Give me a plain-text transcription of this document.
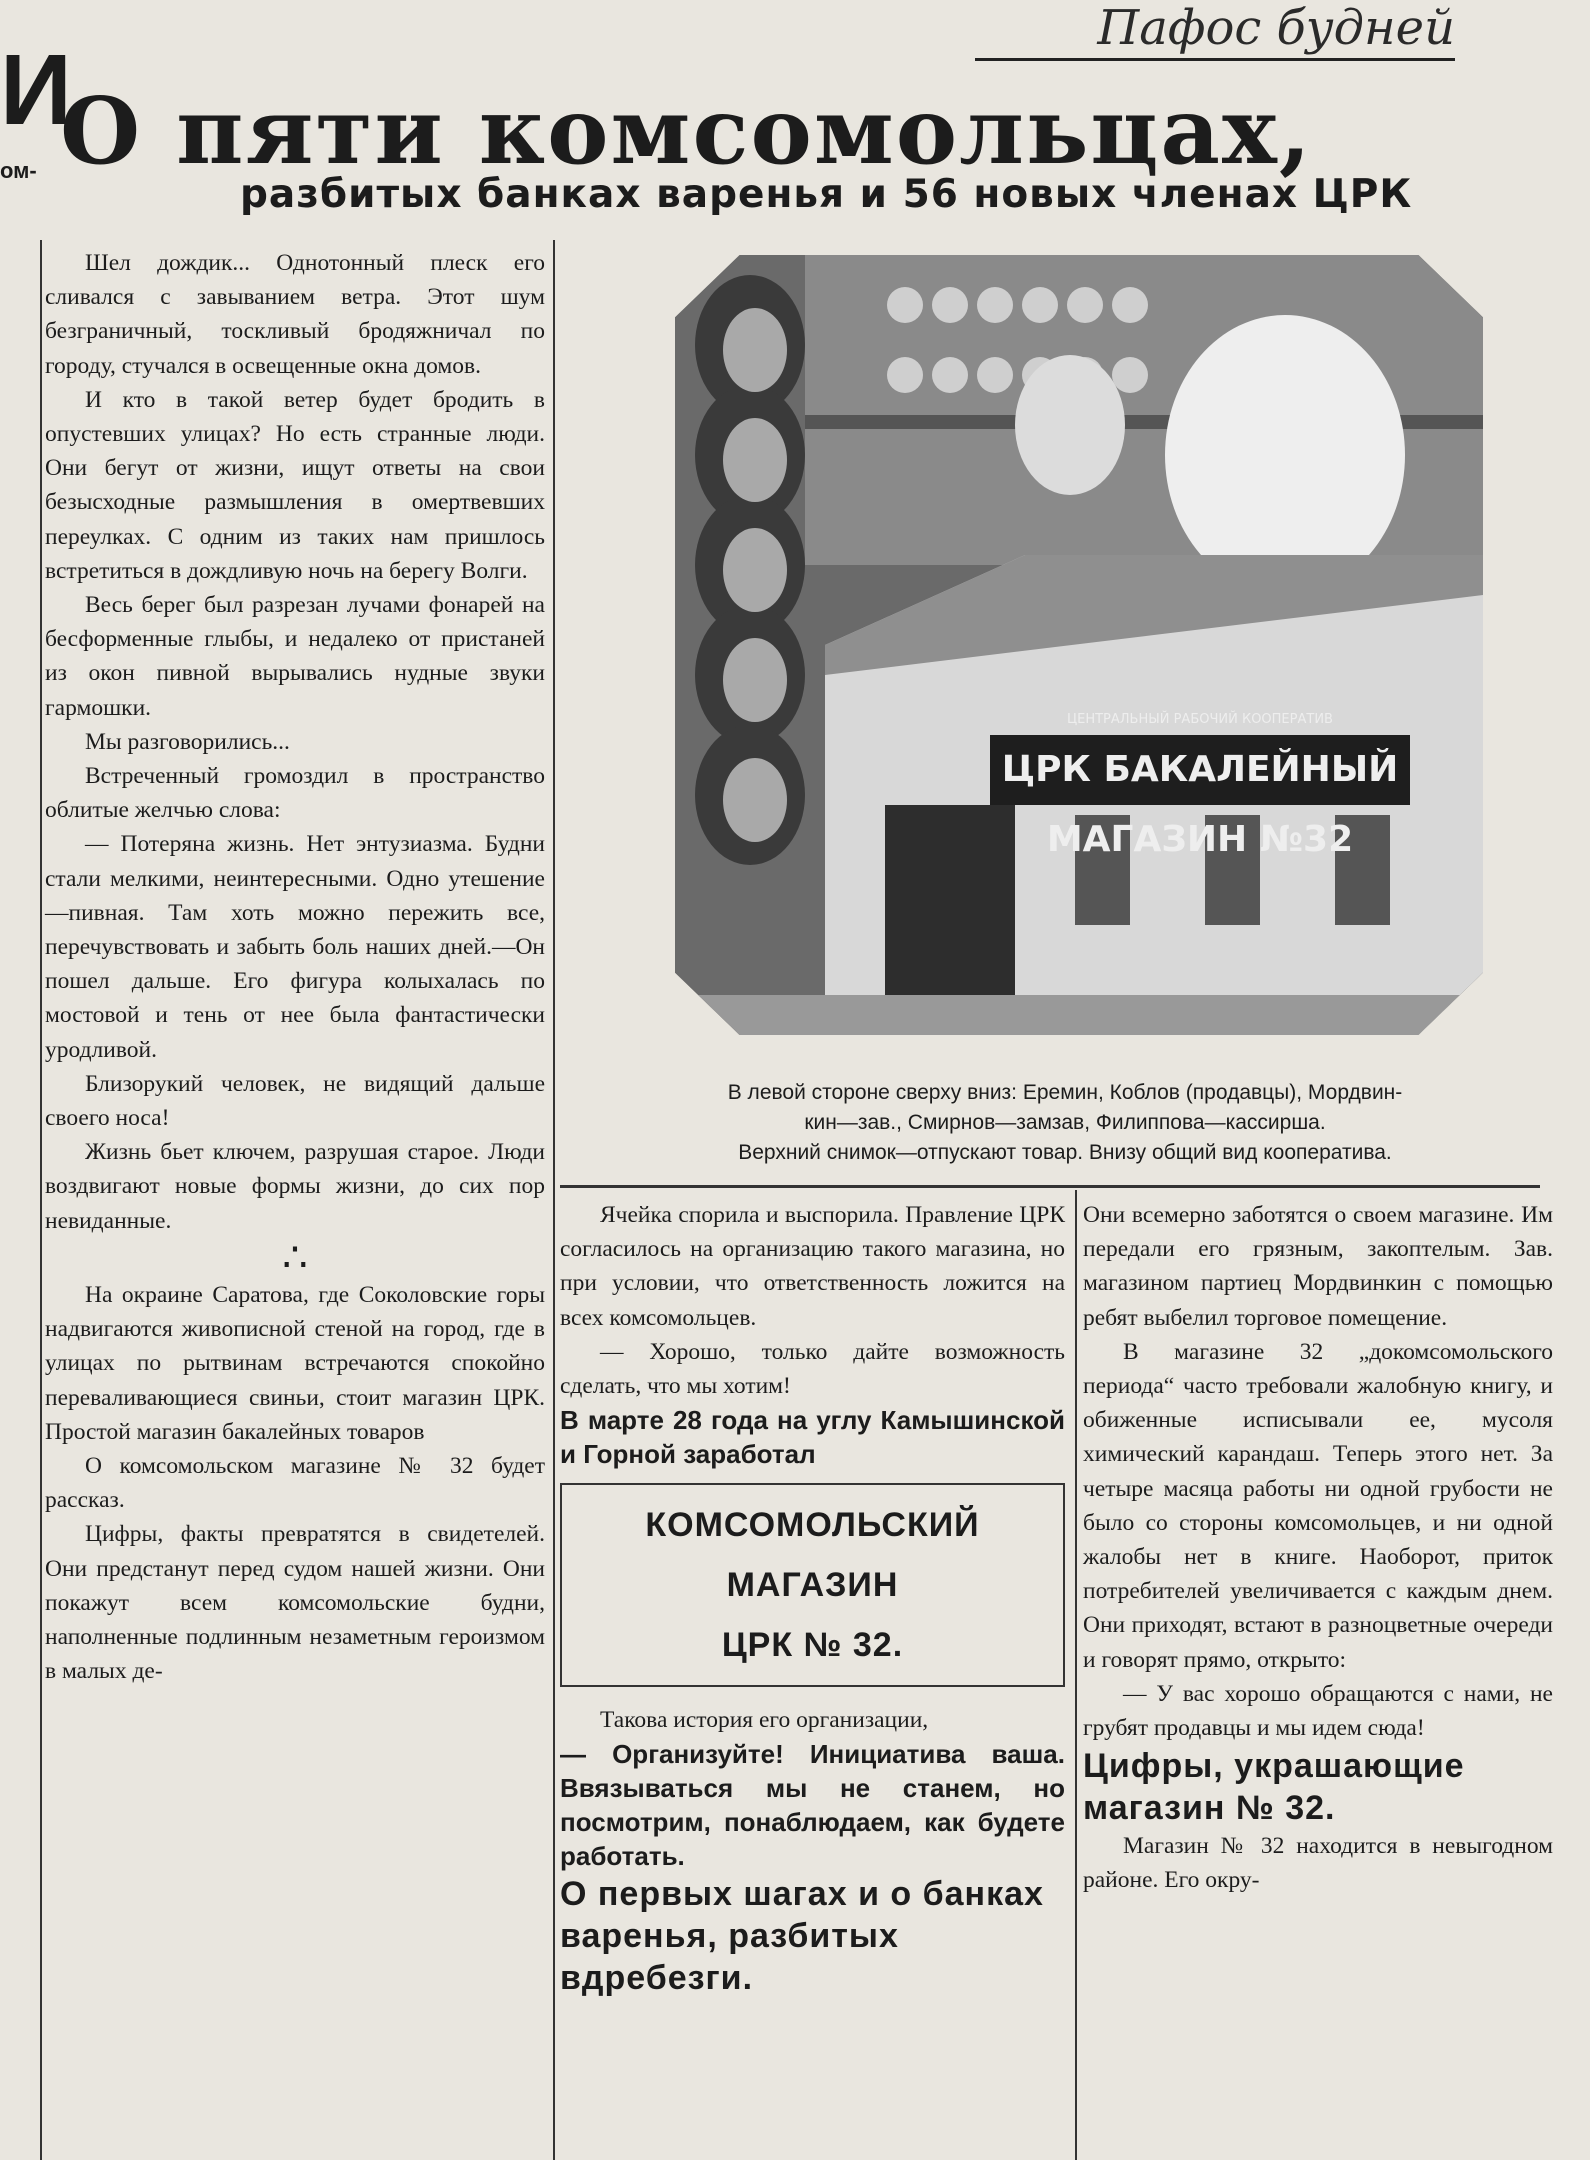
Пафос будней
И
ом- О пяти комсомольцах,
разбитых банках варенья и 56 новых членах ЦРК

Шел дождик... Однотонный плеск его сливался с завыванием ветра. Этот шум безграничный, тоскливый бродяжничал по городу, стучался в освещенные окна домов.

И кто в такой ветер будет бродить в опустевших улицах? Но есть странные люди. Они бегут от жизни, ищут ответы на свои безысходные размышления в омертвевших переулках. С одним из таких нам пришлось встретиться в дождливую ночь на берегу Волги.

Весь берег был разрезан лучами фонарей на бесформенные глыбы, и недалеко от пристаней из окон пивной вырывались нудные звуки гармошки.

Мы разговорились...

Встреченный громоздил в пространство облитые желчью слова:

— Потеряна жизнь. Нет энтузиазма. Будни стали мелкими, неинтересными. Одно утешение—пивная. Там хоть можно пережить все, перечувствовать и забыть боль наших дней.—Он пошел дальше. Его фигура колыхалась по мостовой и тень от нее была фантастически уродливой.

Близорукий человек, не видящий дальше своего носа!

Жизнь бьет ключем, разрушая старое. Люди воздвигают новые формы жизни, до сих пор невиданные.

∴

На окраине Саратова, где Соколовские горы надвигаются живописной стеной на город, где в улицах по рытвинам встречаются спокойно переваливающиеся свиньи, стоит магазин ЦРК. Простой магазин бакалейных товаров

О комсомольском магазине № 32 будет рассказ.

Цифры, факты превратятся в свидетелей. Они предстанут перед судом нашей жизни. Они покажут всем комсомольские будни, наполненные подлинным незаметным героизмом в малых де-

ЦРК БАКАЛЕЙНЫЙ МАГАЗИН №32
ЦЕНТРАЛЬНЫЙ РАБОЧИЙ КООПЕРАТИВ
В левой стороне сверху вниз: Еремин, Коблов (продавцы), Мордвин-
кин—зав., Смирнов—замзав, Филиппова—кассирша.
Верхний снимок—отпускают товар. Внизу общий вид кооператива.

Ячейка спорила и выспорила. Правление ЦРК согласилось на организацию такого магазина, но при условии, что ответственность ложится на всех комсомольцев.

— Хорошо, только дайте возможность сделать, что мы хотим!

В марте 28 года на углу Камышинской и Горной заработал

КОМСОМОЛЬСКИЙ МАГАЗИН
ЦРК № 32.

Такова история его организации,

— Организуйте! Инициатива ваша. Ввязываться мы не станем, но посмотрим, понаблюдаем, как будете работать.

О первых шагах и о банках варенья, разбитых вдребезги.

Они всемерно заботятся о своем магазине. Им передали его грязным, закоптелым. Зав. магазином партиец Мордвинкин с помощью ребят выбелил торговое помещение.

В магазине 32 „докомсомольского периода“ часто требовали жалобную книгу, и обиженные исписывали ее, мусоля химический карандаш. Теперь этого нет. За четыре масяца работы ни одной грубости не было со стороны комсомольцев, и ни одной жалобы нет в книге. Наоборот, приток потребителей увеличивается с каждым днем. Они приходят, встают в разноцветные очереди и говорят прямо, открыто:

— У вас хорошо обращаются с нами, не грубят продавцы и мы идем сюда!

Цифры, украшающие магазин № 32.

Магазин № 32 находится в невыгодном районе. Его окру-
